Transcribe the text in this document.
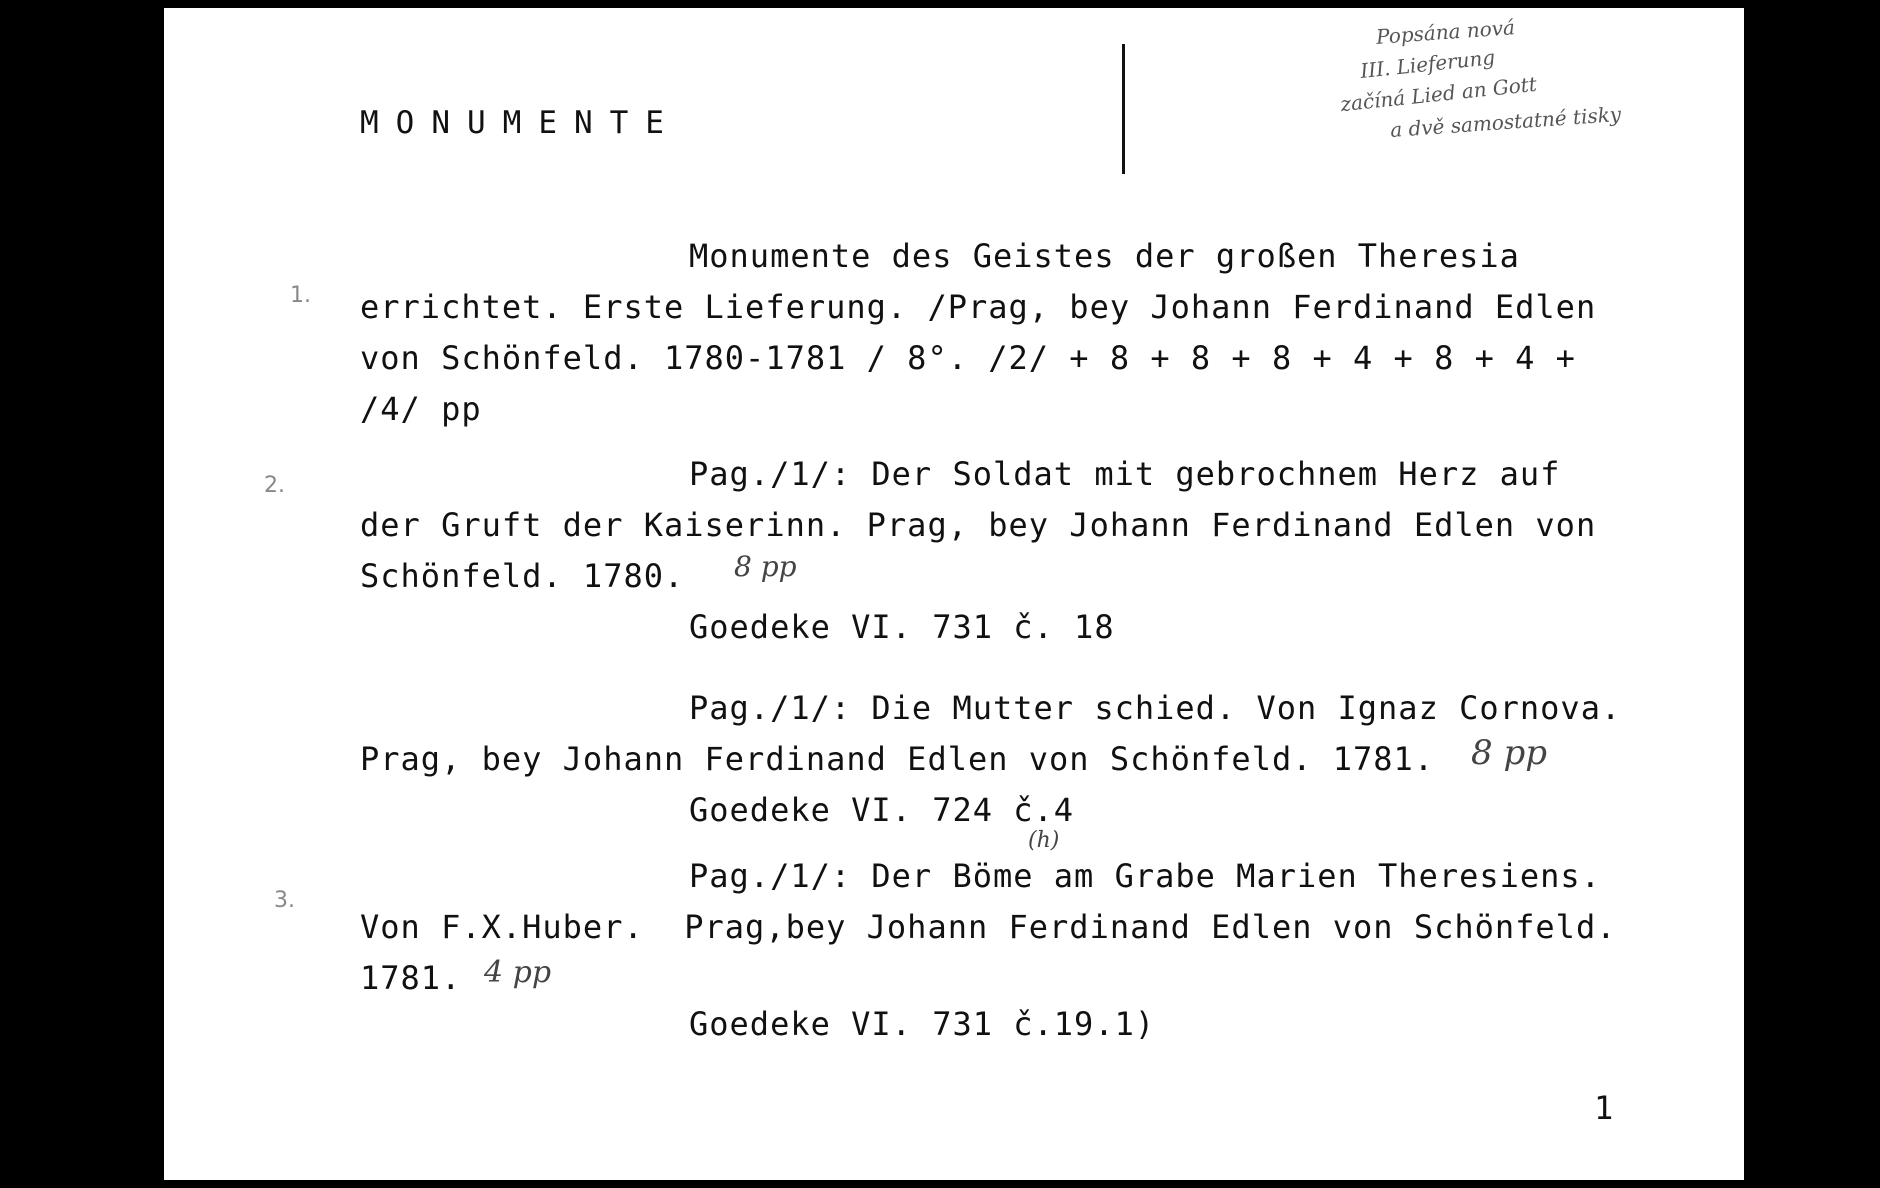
MONUMENTE
Popsána nová
III. Lieferung
začíná Lied an Gott
a dvě samostatné tisky
1.
2.
3.
Monumente des Geistes der großen Theresia
errichtet. Erste Lieferung. /Prag, bey Johann Ferdinand Edlen
von Schönfeld. 1780-1781 / 8°. /2/ + 8 + 8 + 8 + 4 + 8 + 4 +
/4/ pp
Pag./1/: Der Soldat mit gebrochnem Herz auf
der Gruft der Kaiserinn. Prag, bey Johann Ferdinand Edlen von
Schönfeld. 1780. 8 pp
Goedeke VI. 731 č. 18
Pag./1/: Die Mutter schied. Von Ignaz Cornova.
Prag, bey Johann Ferdinand Edlen von Schönfeld. 1781. 8 pp
Goedeke VI. 724 č.4
(h)
Pag./1/: Der Böme am Grabe Marien Theresiens.
Von F.X.Huber.  Prag,bey Johann Ferdinand Edlen von Schönfeld.
1781. 4 pp
Goedeke VI. 731 č.19.1)
1
